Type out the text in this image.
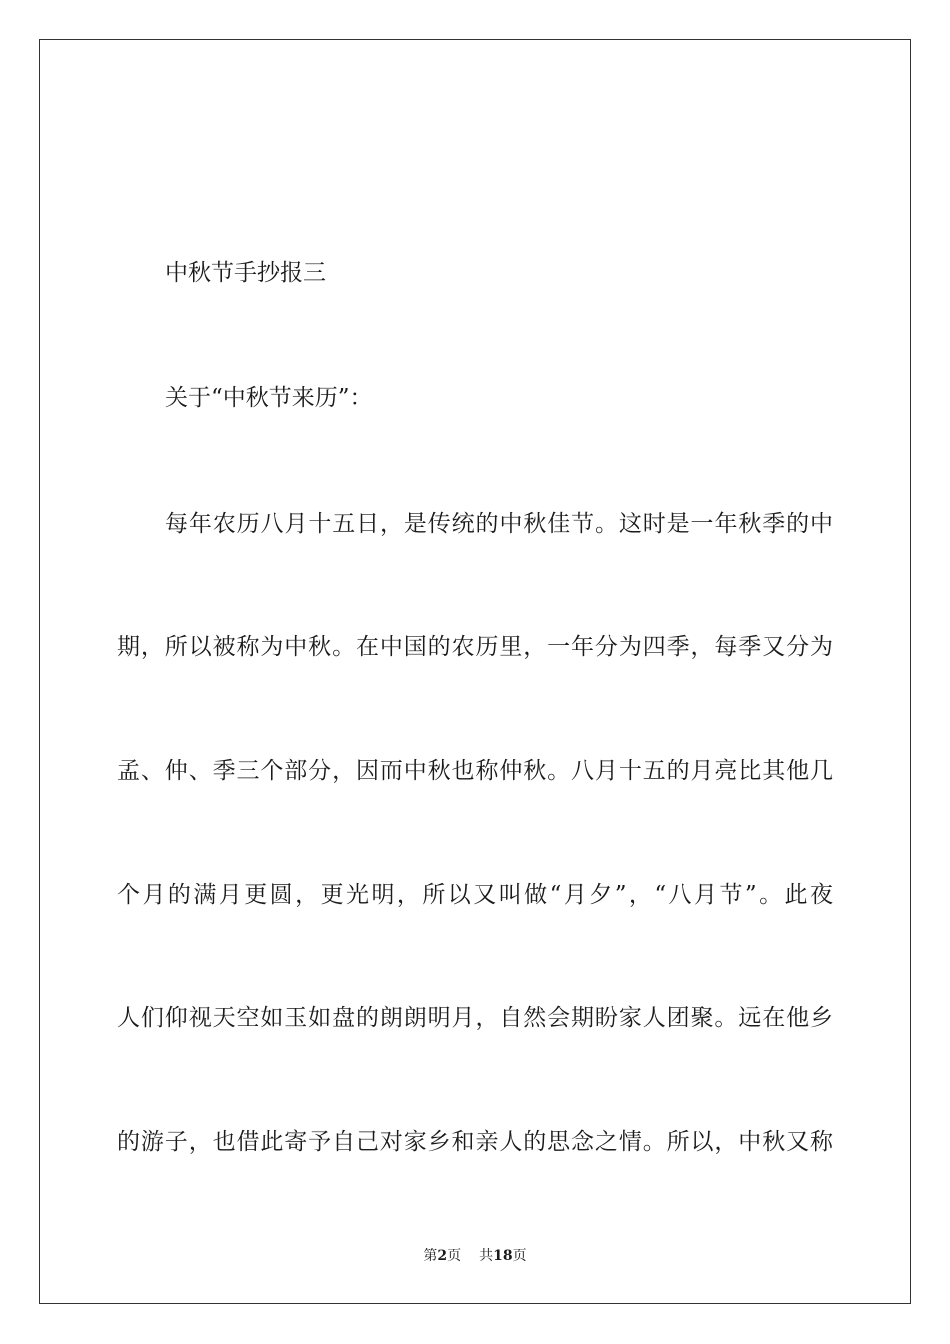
中秋节手抄报三
关于“中秋节来历”：
每年农历八月十五日，是传统的中秋佳节。这时是一年秋季的中
期，所以被称为中秋。在中国的农历里，一年分为四季，每季又分为
孟、仲、季三个部分，因而中秋也称仲秋。八月十五的月亮比其他几
个月的满月更圆，更光明，所以又叫做“月夕”，“八月节”。此夜
人们仰视天空如玉如盘的朗朗明月，自然会期盼家人团聚。远在他乡
的游子，也借此寄予自己对家乡和亲人的思念之情。所以，中秋又称
第2页 共18页
